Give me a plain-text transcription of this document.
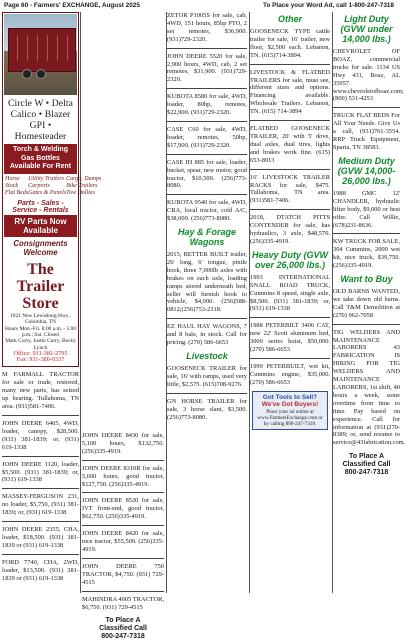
Page 60 - Farmers' EXCHANGE, August 2025	To Place your Word Ad, call 1-800-247-7318
Circle W • Delta
Calico • Blazer
GPI • Homesteader
Torch & Welding Gas Bottles Available For Rent
Horse	Utility Trailers Cargo, Dumps
Stock	Carports	Bike Trailers
Flat Beds Gates & Panels Tow Dollies
Parts - Sales - Service - Rentals
RV Parts Now Available
Consignments Welcome
The Trailer Store
1021 New Lewisburg Hwy., Columbia, TN
Hours Mon.-Fri. 8:00 a.m. - 5:00 p.m.; Sat. Closed
Mark Curry, Justin Curry, Becky Lynch
Office: 931-381-2795
Fax: 931-380-0337

M FARMALL TRACTOR for sale or trade, restored, many new parts, has seized up bearing. Tullahoma, TN area. (931)581-7406.

JOHN DEERE 6405, 4WD, loader, canopy, $28,500. (931) 381-1839; or, (931) 619-1338

JOHN DEERE 1120, loader, $5,500. (931) 381-1839; or, (931) 619-1338

MASSEY-FERGUSON 231, no loader, $5,750, (931) 381-1839; or, (931) 619-1338

JOHN DEERE 2355, CHA, loader, $18,500. (931) 381-1839 or (931) 619-1338

FORD 7740, CHA, 2WD, loader, $13,500. (931) 381-1839 or (931) 619-1338

JOHN DEERE 8430 for sale, 5,100 hours, $132,750. (256)335-4919.

JOHN DEERE 8310R for sale, 5,600 hours, good tractor, $127,750. (256)335-4919.

JOHN DEERE 8520 for sale, IVT front-end, good tractor, $62,750. (256)335-4919.

JOHN DEERE 8420 for sale, nice tractor, $55,500. (256)335-4919.

JOHN DEERE 750 TRACTOR, $4,750. (931) 729-4515

MAHINDRA 4005 TRACTOR, $6,750. (931) 729-4515

To Place A
Classified Call
800-247-7318

ZETOR P1005S for sale, cab, 4WD, 151 hours, 85hp PTO, 2 set remotes, $36,900. (931)729-2320.

JOHN DEERE 5520 for sale, 2,900 hours, 4WD, cab, 2 set remotes, $31,900. (931)729-2320.

KUBOTA 8580 for sale, 4WD, loader, 80hp, remotes, $22,900. (931)729-2320.

CASE C60 for sale, 4WD, loader, remotes, 50hp, $17,900. (931)729-2320.

CASE IH 885 for sale, loader, bucket, spear, new motor, good tractor, $10,500. (256)773-8080.

KUBOTA 9540 for sale, 4WD, CRA, local tractor, cold A/C, $38,000. (256)773-8080.

Hay & Forage Wagons

2015, BETTER BUILT trailer, 26' long, 6' tongue, pintle hook, three 7,000lb axles with brakes on each axle, loading ramps stored underneath bed, seller will furnish hook to vehicle, $4,000. (256)588-0812;(256)753-2318.

EZ HAUL HAY WAGONS, 7 and 8 bale, in stock. Call for pricing. (270) 586-6653

Livestock

GOOSENECK TRAILER for sale, 16' with ramps, used very little, $2,575. (615)708-9276.

GN HORSE TRAILER for sale, 3 horse slant, $3,500. (256)773-8080.

Other

GOOSENECK TYPE cattle trailer for sale, 16' trailer, new floor, $2,500 each. Lebanon, TN. (615)714-3894.

LIVESTOCK & FLATBED TRAILERS for sale, must see, different sizes and options. Financing available. Wholesale Trailers. Lebanon, TN. (615) 714-3894

FLATBED GOOSENECK TRAILER, 20' with 5' dove, dual axles, dual tires, lights and brakes work fine. (615) 653-8913

16' LIVESTOCK TRAILER RACKS for sale, $475. Tullahoma, TN area. (931)581-7406.

2018, DTATCH PITTS CONTENDER for sale, has hydraulics, 3 axle, $48,570. (256)335-4919.

Heavy Duty (GVW over 26,000 lbs.)

1993 INTERNATIONAL SNALL ROAD TRUCK, Cummins 8 speed, single axle, $8,500. (931) 381-1839; or, (931) 619-1338

1988 PETERBILT 3406 CAT, new 22' Scott aluminum bed, 3000 series hoist, $50,000. (270) 586-6653

1999 PETERBUILT, wet kit, Cummins engine, $35,000. (270) 586-6653

Got Tools to Sell?
We've Got Buyers!
Place your ad online at www.FarmersExchange.com or by calling 800-247-7318.
Light Duty (GVW under 14,000 lbs.)

CHEVROLET OF BOAZ, commercial trucks for sale. 1134 US Hwy 431, Boaz, AL 35957. www.chevroletofboaz.com; (800) 531-4253

TRUCK FLAT BEDS For All Your Needs. Give Us a call, (931)761-3554. RRP Truck Equipment, Sparta, TN 38583.

Medium Duty (GVW 14,000-26,000 lbs.)

1988 GMC 12' CHANDLER, hydraulic lifter body, $9,000 or best offer. Call Willie, (678)231-8636.

KW TRUCK FOR SALE, 304 Cummins, 2000 wet kit, nice truck, $39,750. (256)335-4919.

Want to Buy

OLD BARNS WANTED, we take down old barns. Call T&M Demolition at (270) 962-7058

TIG WELDERS AND MAINTENANCE LABORERS 43 FABRICATION IS HIRING FOR TIG WELDERS AND MAINTENANCE LABORERS, 1st shift, 40 hours a week, some overtime from time to time. Pay based on experience. Call for information at (931)270-8389; or, send resume to service@43fabrication.com.

To Place A
Classified Call
800-247-7318
